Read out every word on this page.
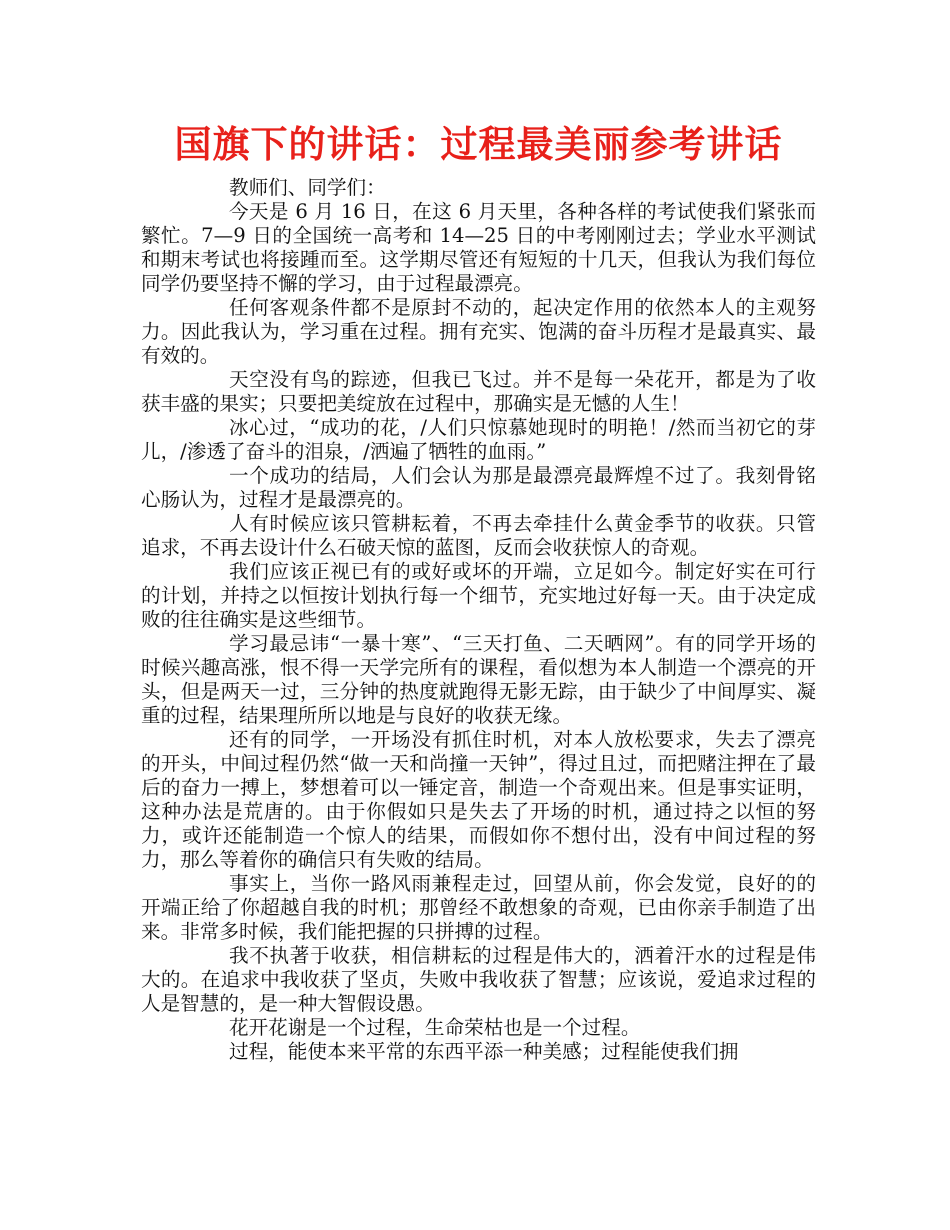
国旗下的讲话：过程最美丽参考讲话

教师们、同学们：

今天是 6 月 16 日，在这 6 月天里，各种各样的考试使我们紧张而繁忙。7—9 日的全国统一高考和 14—25 日的中考刚刚过去；学业水平测试和期末考试也将接踵而至。这学期尽管还有短短的十几天，但我认为我们每位同学仍要坚持不懈的学习，由于过程最漂亮。

任何客观条件都不是原封不动的，起决定作用的依然本人的主观努力。因此我认为，学习重在过程。拥有充实、饱满的奋斗历程才是最真实、最有效的。

天空没有鸟的踪迹，但我已飞过。并不是每一朵花开，都是为了收获丰盛的果实；只要把美绽放在过程中，那确实是无憾的人生！

冰心过，“成功的花，/人们只惊慕她现时的明艳！/然而当初它的芽儿，/渗透了奋斗的泪泉，/洒遍了牺牲的血雨。”

一个成功的结局，人们会认为那是最漂亮最辉煌不过了。我刻骨铭心肠认为，过程才是最漂亮的。

人有时候应该只管耕耘着，不再去牵挂什么黄金季节的收获。只管追求，不再去设计什么石破天惊的蓝图，反而会收获惊人的奇观。

我们应该正视已有的或好或坏的开端，立足如今。制定好实在可行的计划，并持之以恒按计划执行每一个细节，充实地过好每一天。由于决定成败的往往确实是这些细节。

学习最忌讳“一暴十寒”、“三天打鱼、二天晒网”。有的同学开场的时候兴趣高涨，恨不得一天学完所有的课程，看似想为本人制造一个漂亮的开头，但是两天一过，三分钟的热度就跑得无影无踪，由于缺少了中间厚实、凝重的过程，结果理所所以地是与良好的收获无缘。

还有的同学，一开场没有抓住时机，对本人放松要求，失去了漂亮的开头，中间过程仍然“做一天和尚撞一天钟”，得过且过，而把赌注押在了最后的奋力一搏上，梦想着可以一锤定音，制造一个奇观出来。但是事实证明，这种办法是荒唐的。由于你假如只是失去了开场的时机，通过持之以恒的努力，或许还能制造一个惊人的结果，而假如你不想付出，没有中间过程的努力，那么等着你的确信只有失败的结局。

事实上，当你一路风雨兼程走过，回望从前，你会发觉，良好的的开端正给了你超越自我的时机；那曾经不敢想象的奇观，已由你亲手制造了出来。非常多时候，我们能把握的只拼搏的过程。

我不执著于收获，相信耕耘的过程是伟大的，洒着汗水的过程是伟大的。在追求中我收获了坚贞，失败中我收获了智慧；应该说，爱追求过程的人是智慧的，是一种大智假设愚。

花开花谢是一个过程，生命荣枯也是一个过程。

过程，能使本来平常的东西平添一种美感；过程能使我们拥
